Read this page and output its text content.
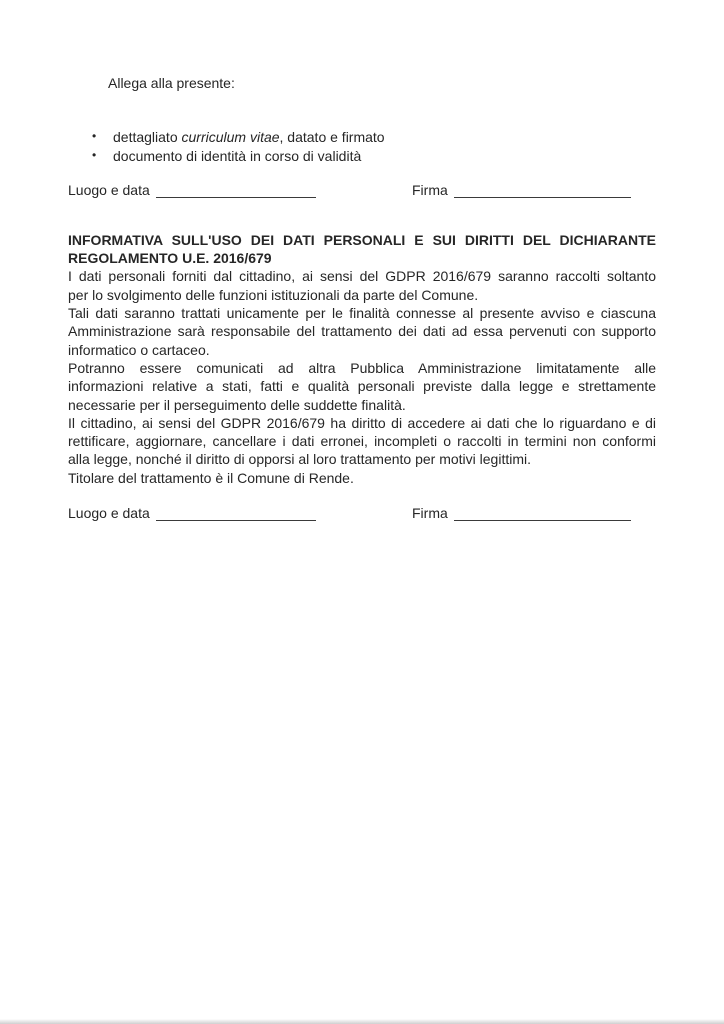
Allega alla presente:
• dettagliato curriculum vitae, datato e firmato
• documento di identità in corso di validità
Luogo e data	Firma
INFORMATIVA SULL'USO DEI DATI PERSONALI E SUI DIRITTI DEL DICHIARANTE
REGOLAMENTO U.E. 2016/679
I dati personali forniti dal cittadino, ai sensi del GDPR 2016/679 saranno raccolti soltanto
per lo svolgimento delle funzioni istituzionali da parte del Comune.
Tali dati saranno trattati unicamente per le finalità connesse al presente avviso e ciascuna
Amministrazione sarà responsabile del trattamento dei dati ad essa pervenuti con supporto
informatico o cartaceo.
Potranno essere comunicati ad altra Pubblica Amministrazione limitatamente alle
informazioni relative a stati, fatti e qualità personali previste dalla legge e strettamente
necessarie per il perseguimento delle suddette finalità.
Il cittadino, ai sensi del GDPR 2016/679 ha diritto di accedere ai dati che lo riguardano e di
rettificare, aggiornare, cancellare i dati erronei, incompleti o raccolti in termini non conformi
alla legge, nonché il diritto di opporsi al loro trattamento per motivi legittimi.
Titolare del trattamento è il Comune di Rende.
Luogo e data	Firma
